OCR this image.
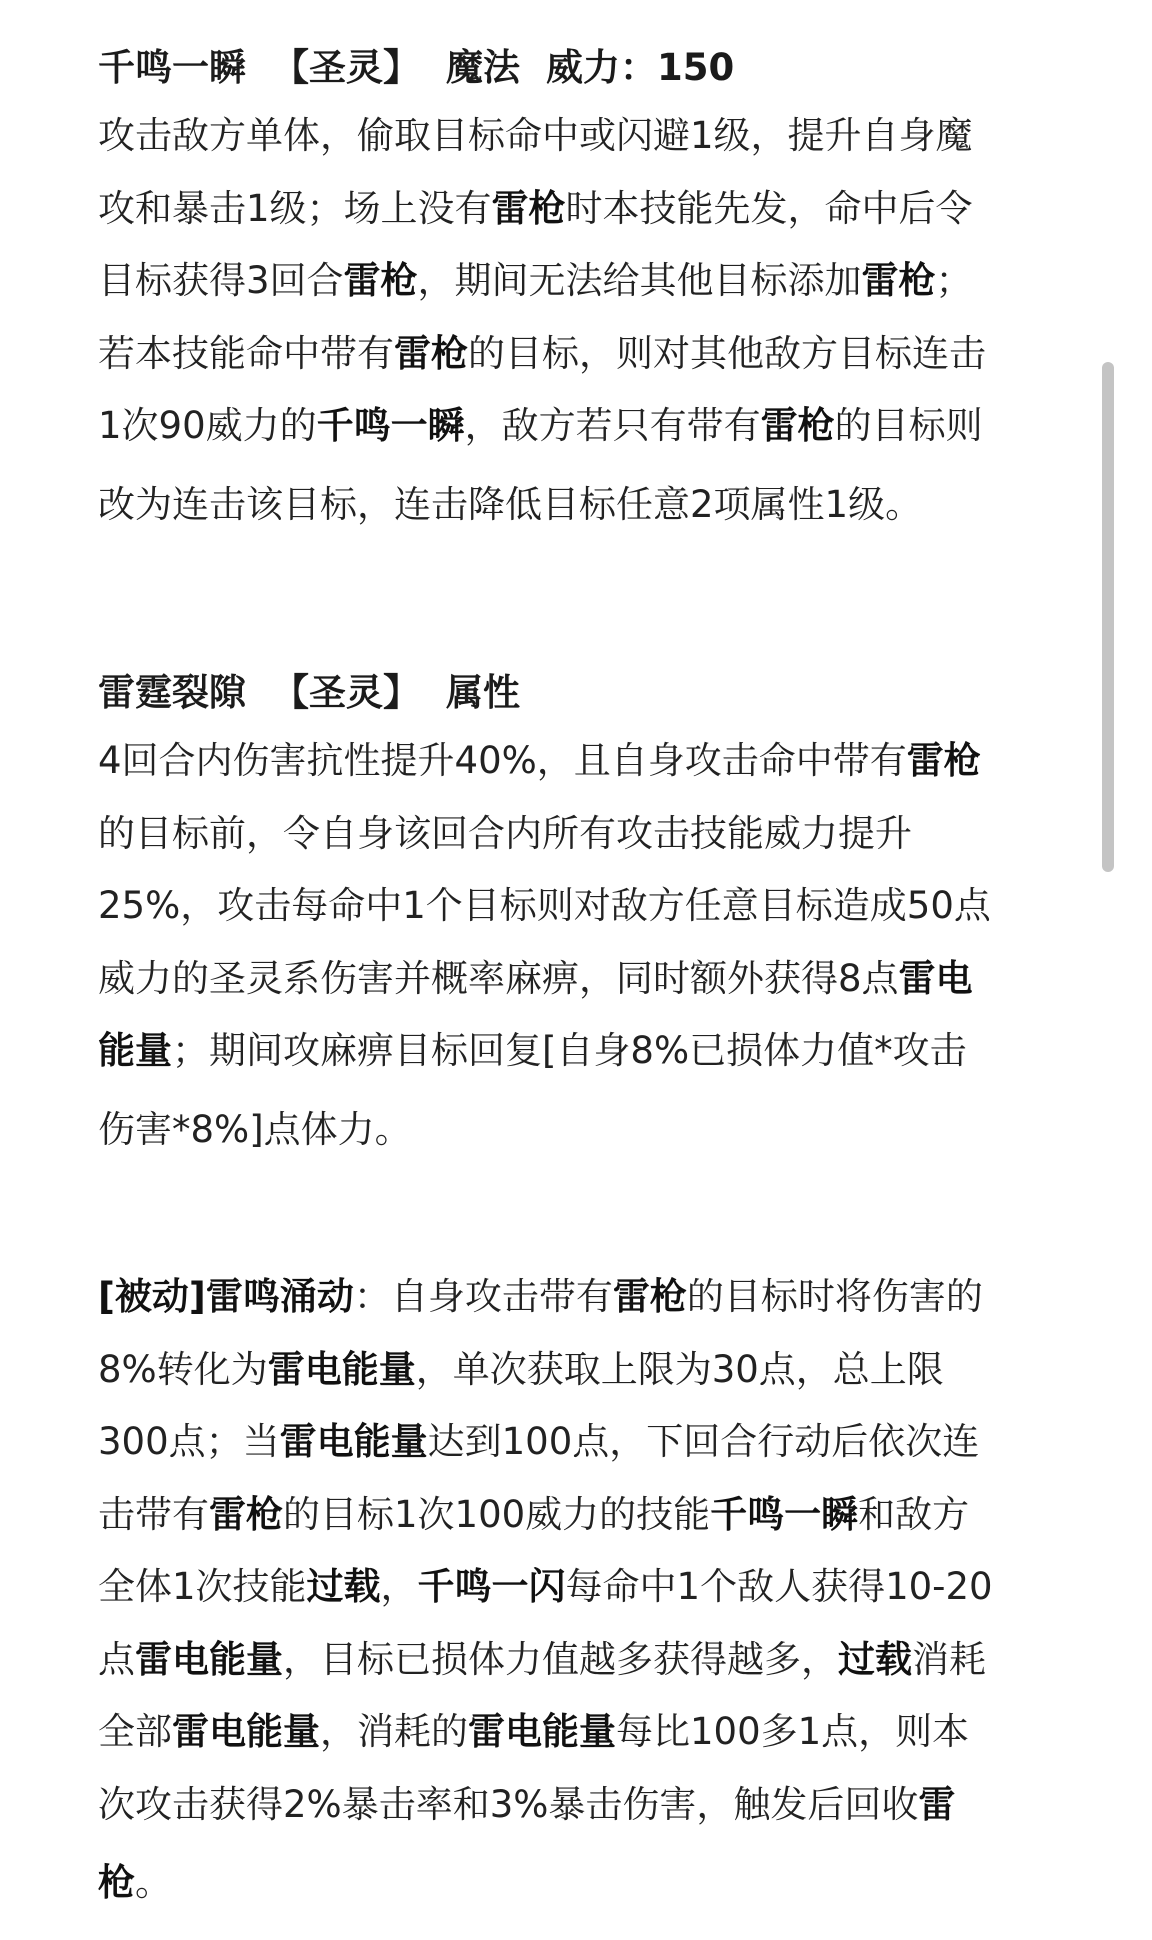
千鸣一瞬 【圣灵】 魔法 威力：150

攻击敌方单体，偷取目标命中或闪避1级，提升自身魔
攻和暴击1级；场上没有雷枪时本技能先发，命中后令
目标获得3回合雷枪，期间无法给其他目标添加雷枪；
若本技能命中带有雷枪的目标，则对其他敌方目标连击
1次90威力的千鸣一瞬，敌方若只有带有雷枪的目标则
改为连击该目标，连击降低目标任意2项属性1级。

雷霆裂隙 【圣灵】 属性

4回合内伤害抗性提升40%，且自身攻击命中带有雷枪
的目标前，令自身该回合内所有攻击技能威力提升
25%，攻击每命中1个目标则对敌方任意目标造成50点
威力的圣灵系伤害并概率麻痹，同时额外获得8点雷电
能量；期间攻麻痹目标回复[自身8%已损体力值*攻击
伤害*8%]点体力。

[被动]雷鸣涌动：自身攻击带有雷枪的目标时将伤害的
8%转化为雷电能量，单次获取上限为30点，总上限
300点；当雷电能量达到100点，下回合行动后依次连
击带有雷枪的目标1次100威力的技能千鸣一瞬和敌方
全体1次技能过载，千鸣一闪每命中1个敌人获得10-20
点雷电能量，目标已损体力值越多获得越多，过载消耗
全部雷电能量，消耗的雷电能量每比100多1点，则本
次攻击获得2%暴击率和3%暴击伤害，触发后回收雷
枪。
